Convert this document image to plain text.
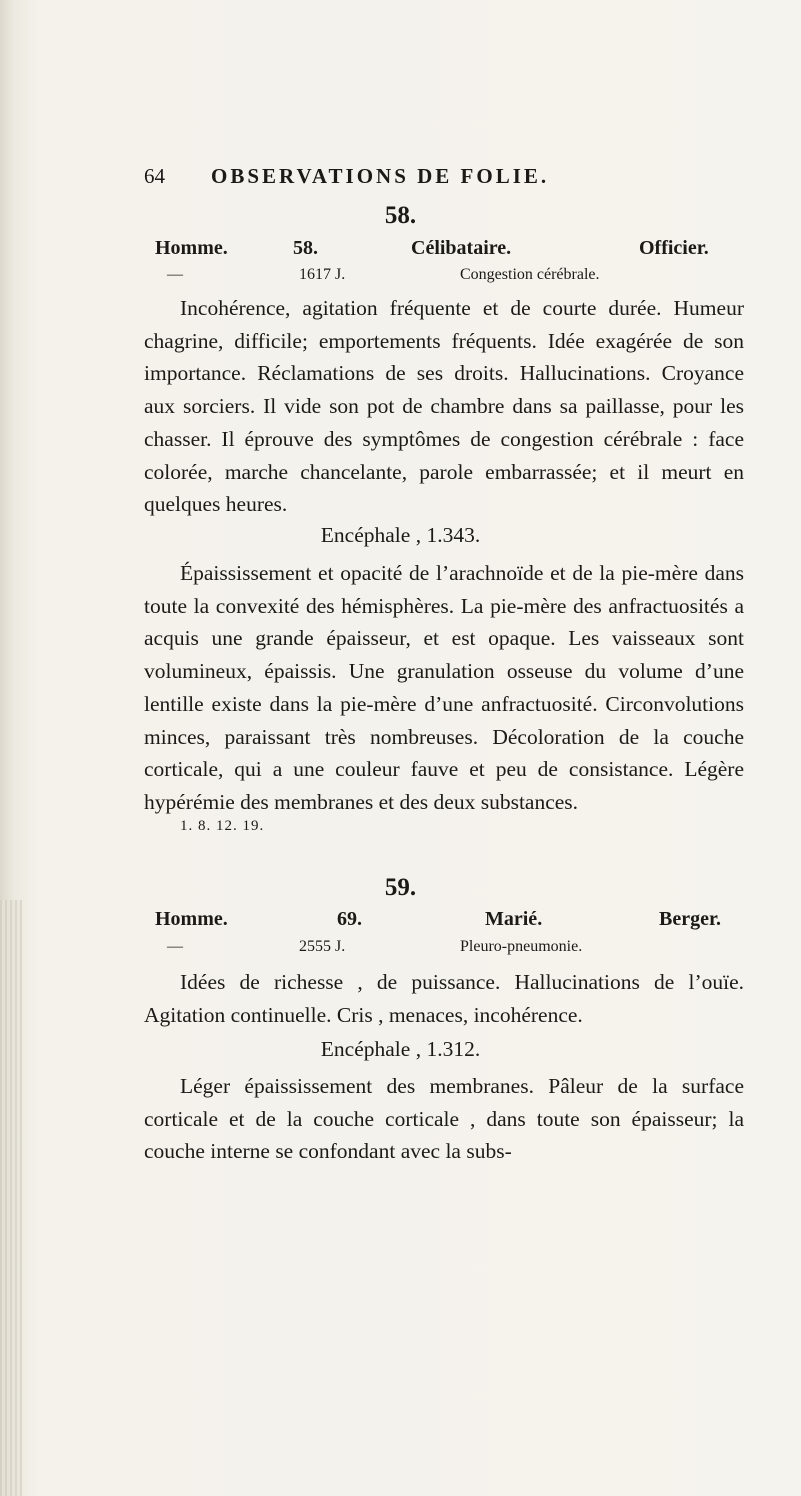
64 OBSERVATIONS DE FOLIE.
58.
Homme.	58.	Célibataire.	Officier.
—	1617 J.	Congestion cérébrale.

Incohérence, agitation fréquente et de courte durée. Humeur chagrine, difficile; emportements fréquents. Idée exagérée de son importance. Réclamations de ses droits. Hallucinations. Croyance aux sorciers. Il vide son pot de chambre dans sa paillasse, pour les chasser. Il éprouve des symptômes de congestion cérébrale : face colorée, marche chancelante, parole embarrassée; et il meurt en quelques heures.

Encéphale , 1.343.

Épaississement et opacité de l’arachnoïde et de la pie-mère dans toute la convexité des hémisphères. La pie-mère des anfractuosités a acquis une grande épaisseur, et est opaque. Les vaisseaux sont volumineux, épaissis. Une granulation osseuse du volume d’une lentille existe dans la pie-mère d’une anfractuosité. Circonvolutions minces, paraissant très nombreuses. Décoloration de la couche corticale, qui a une couleur fauve et peu de consistance. Légère hypérémie des membranes et des deux substances.

1. 8. 12. 19.
59.
Homme.	69.	Marié.	Berger.
—	2555 J.	Pleuro-pneumonie.

Idées de richesse , de puissance. Hallucinations de l’ouïe. Agitation continuelle. Cris , menaces, incohérence.

Encéphale , 1.312.

Léger épaississement des membranes. Pâleur de la surface corticale et de la couche corticale , dans toute son épaisseur; la couche interne se confondant avec la subs-
